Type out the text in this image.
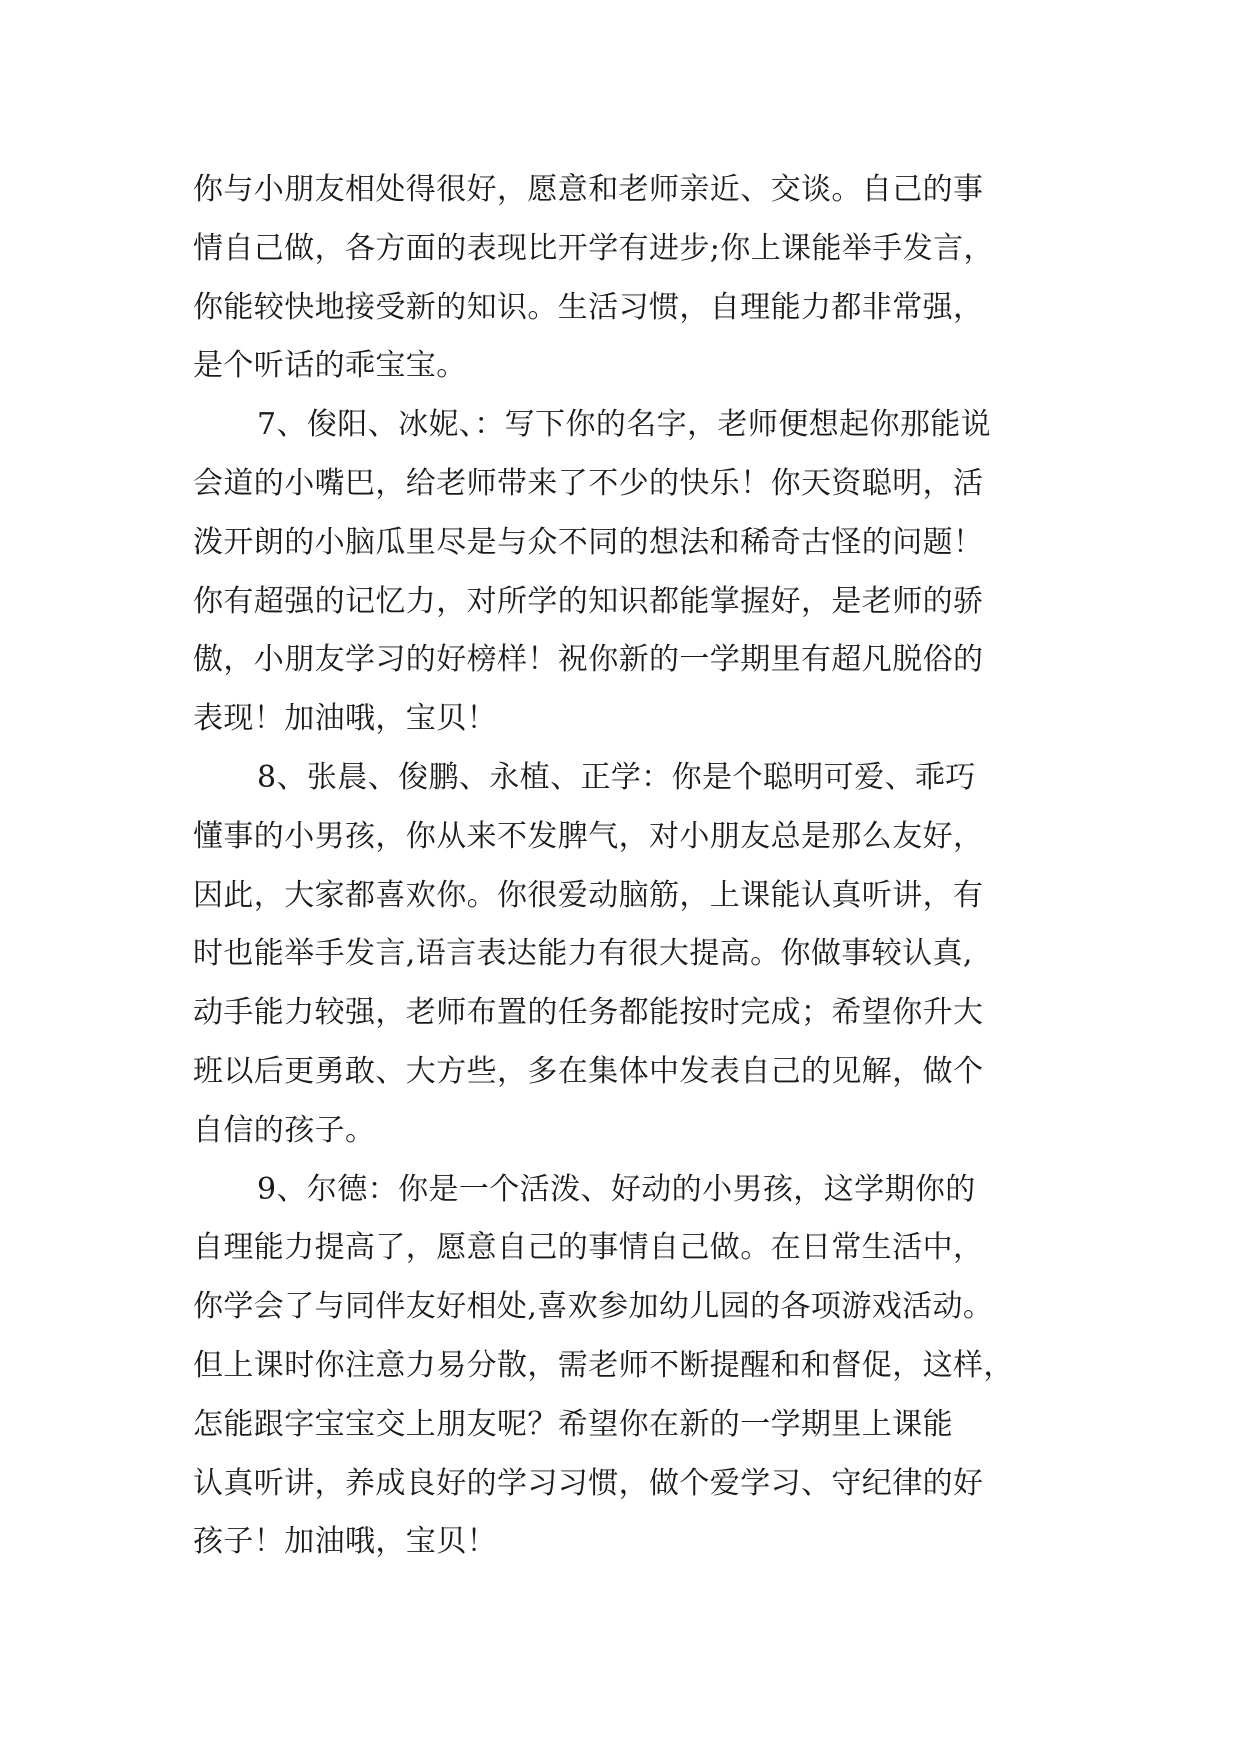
你与小朋友相处得很好，愿意和老师亲近、交谈。自己的事
情自己做，各方面的表现比开学有进步;你上课能举手发言，
你能较快地接受新的知识。生活习惯，自理能力都非常强，
是个听话的乖宝宝。
7、俊阳、冰妮、：写下你的名字，老师便想起你那能说
会道的小嘴巴，给老师带来了不少的快乐！你天资聪明，活
泼开朗的小脑瓜里尽是与众不同的想法和稀奇古怪的问题！
你有超强的记忆力，对所学的知识都能掌握好，是老师的骄
傲，小朋友学习的好榜样！祝你新的一学期里有超凡脱俗的
表现！加油哦，宝贝！
8、张晨、俊鹏、永植、正学：你是个聪明可爱、乖巧
懂事的小男孩，你从来不发脾气，对小朋友总是那么友好，
因此，大家都喜欢你。你很爱动脑筋，上课能认真听讲，有
时也能举手发言,语言表达能力有很大提高。你做事较认真,
动手能力较强，老师布置的任务都能按时完成；希望你升大
班以后更勇敢、大方些，多在集体中发表自己的见解，做个
自信的孩子。
9、尔德：你是一个活泼、好动的小男孩，这学期你的
自理能力提高了，愿意自己的事情自己做。在日常生活中，
你学会了与同伴友好相处,喜欢参加幼儿园的各项游戏活动。
但上课时你注意力易分散，需老师不断提醒和和督促，这样，
怎能跟字宝宝交上朋友呢？希望你在新的一学期里上课能
认真听讲，养成良好的学习习惯，做个爱学习、守纪律的好
孩子！加油哦，宝贝！
